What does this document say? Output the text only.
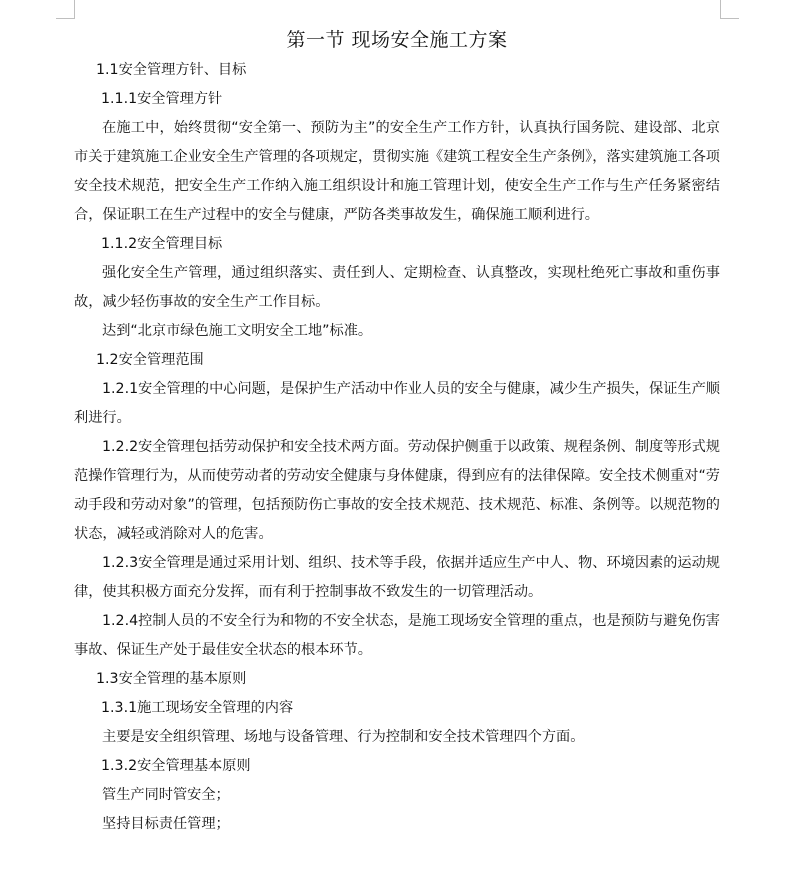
第一节 现场安全施工方案

1.1安全管理方针、目标

1.1.1安全管理方针

在施工中，始终贯彻“安全第一、预防为主”的安全生产工作方针，认真执行国务院、建设部、北京市关于建筑施工企业安全生产管理的各项规定，贯彻实施《建筑工程安全生产条例》，落实建筑施工各项安全技术规范，把安全生产工作纳入施工组织设计和施工管理计划，使安全生产工作与生产任务紧密结合，保证职工在生产过程中的安全与健康，严防各类事故发生，确保施工顺利进行。

1.1.2安全管理目标

强化安全生产管理，通过组织落实、责任到人、定期检查、认真整改，实现杜绝死亡事故和重伤事故，减少轻伤事故的安全生产工作目标。

达到“北京市绿色施工文明安全工地”标准。

1.2安全管理范围

1.2.1安全管理的中心问题，是保护生产活动中作业人员的安全与健康，减少生产损失，保证生产顺利进行。

1.2.2安全管理包括劳动保护和安全技术两方面。劳动保护侧重于以政策、规程条例、制度等形式规范操作管理行为，从而使劳动者的劳动安全健康与身体健康，得到应有的法律保障。安全技术侧重对“劳动手段和劳动对象”的管理，包括预防伤亡事故的安全技术规范、技术规范、标准、条例等。以规范物的状态，减轻或消除对人的危害。

1.2.3安全管理是通过采用计划、组织、技术等手段，依据并适应生产中人、物、环境因素的运动规律，使其积极方面充分发挥，而有利于控制事故不致发生的一切管理活动。

1.2.4控制人员的不安全行为和物的不安全状态，是施工现场安全管理的重点，也是预防与避免伤害事故、保证生产处于最佳安全状态的根本环节。

1.3安全管理的基本原则

1.3.1施工现场安全管理的内容

主要是安全组织管理、场地与设备管理、行为控制和安全技术管理四个方面。

1.3.2安全管理基本原则

管生产同时管安全；

坚持目标责任管理；
